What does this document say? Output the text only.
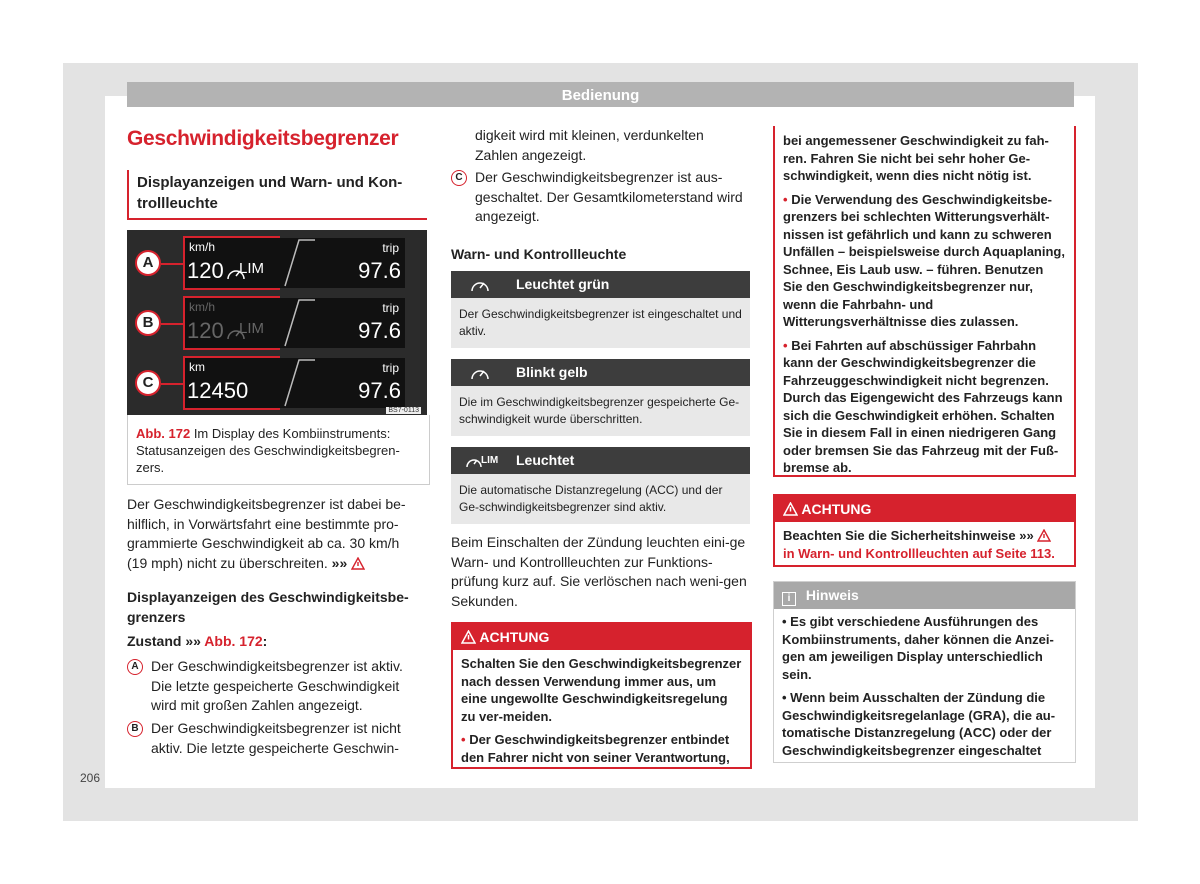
Bedienung
Geschwindigkeitsbegrenzer
Displayanzeigen und Warn- und Kon-
trollleuchte
A
km/h
120 LIM
trip
97.6
B
km/h
120 LIM
trip
97.6
C
km
12450
trip
97.6
BS7-0113
Abb. 172 Im Display des Kombiinstruments: Statusanzeigen des Geschwindigkeitsbegren-zers.
Der Geschwindigkeitsbegrenzer ist dabei be-hilflich, in Vorwärtsfahrt eine bestimmte pro-grammierte Geschwindigkeit ab ca. 30 km/h (19 mph) nicht zu überschreiten. »»
Displayanzeigen des Geschwindigkeitsbe-grenzers
Zustand »» Abb. 172:
A Der Geschwindigkeitsbegrenzer ist aktiv. Die letzte gespeicherte Geschwindigkeit wird mit großen Zahlen angezeigt.
B Der Geschwindigkeitsbegrenzer ist nicht aktiv. Die letzte gespeicherte Geschwin-
digkeit wird mit kleinen, verdunkelten Zahlen angezeigt.
C Der Geschwindigkeitsbegrenzer ist aus-geschaltet. Der Gesamtkilometerstand wird angezeigt.
Warn- und Kontrollleuchte
Leuchtet grün
Der Geschwindigkeitsbegrenzer ist eingeschaltet und aktiv.
Blinkt gelb
Die im Geschwindigkeitsbegrenzer gespeicherte Ge-schwindigkeit wurde überschritten.
LIM Leuchtet
Die automatische Distanzregelung (ACC) und der Ge-schwindigkeitsbegrenzer sind aktiv.
Beim Einschalten der Zündung leuchten eini-ge Warn- und Kontrollleuchten zur Funktions-prüfung kurz auf. Sie verlöschen nach weni-gen Sekunden.
ACHTUNG
Schalten Sie den Geschwindigkeitsbegrenzer nach dessen Verwendung immer aus, um eine ungewollte Geschwindigkeitsregelung zu ver-meiden.
• Der Geschwindigkeitsbegrenzer entbindet den Fahrer nicht von seiner Verantwortung,
bei angemessener Geschwindigkeit zu fah-ren. Fahren Sie nicht bei sehr hoher Ge-schwindigkeit, wenn dies nicht nötig ist.
• Die Verwendung des Geschwindigkeitsbe-grenzers bei schlechten Witterungsverhält-nissen ist gefährlich und kann zu schweren Unfällen – beispielsweise durch Aquaplaning, Schnee, Eis Laub usw. – führen. Benutzen Sie den Geschwindigkeitsbegrenzer nur, wenn die Fahrbahn- und Witterungsverhältnisse dies zulassen.
• Bei Fahrten auf abschüssiger Fahrbahn kann der Geschwindigkeitsbegrenzer die Fahrzeuggeschwindigkeit nicht begrenzen. Durch das Eigengewicht des Fahrzeugs kann sich die Geschwindigkeit erhöhen. Schalten Sie in diesem Fall in einen niedrigeren Gang oder bremsen Sie das Fahrzeug mit der Fuß-bremse ab.
ACHTUNG
Beachten Sie die Sicherheitshinweise »»  in Warn- und Kontrollleuchten auf Seite 113.
i Hinweis
• Es gibt verschiedene Ausführungen des Kombiinstruments, daher können die Anzei-gen am jeweiligen Display unterschiedlich sein.
• Wenn beim Ausschalten der Zündung die Geschwindigkeitsregelanlage (GRA), die au-tomatische Distanzregelung (ACC) oder der Geschwindigkeitsbegrenzer eingeschaltet
206
